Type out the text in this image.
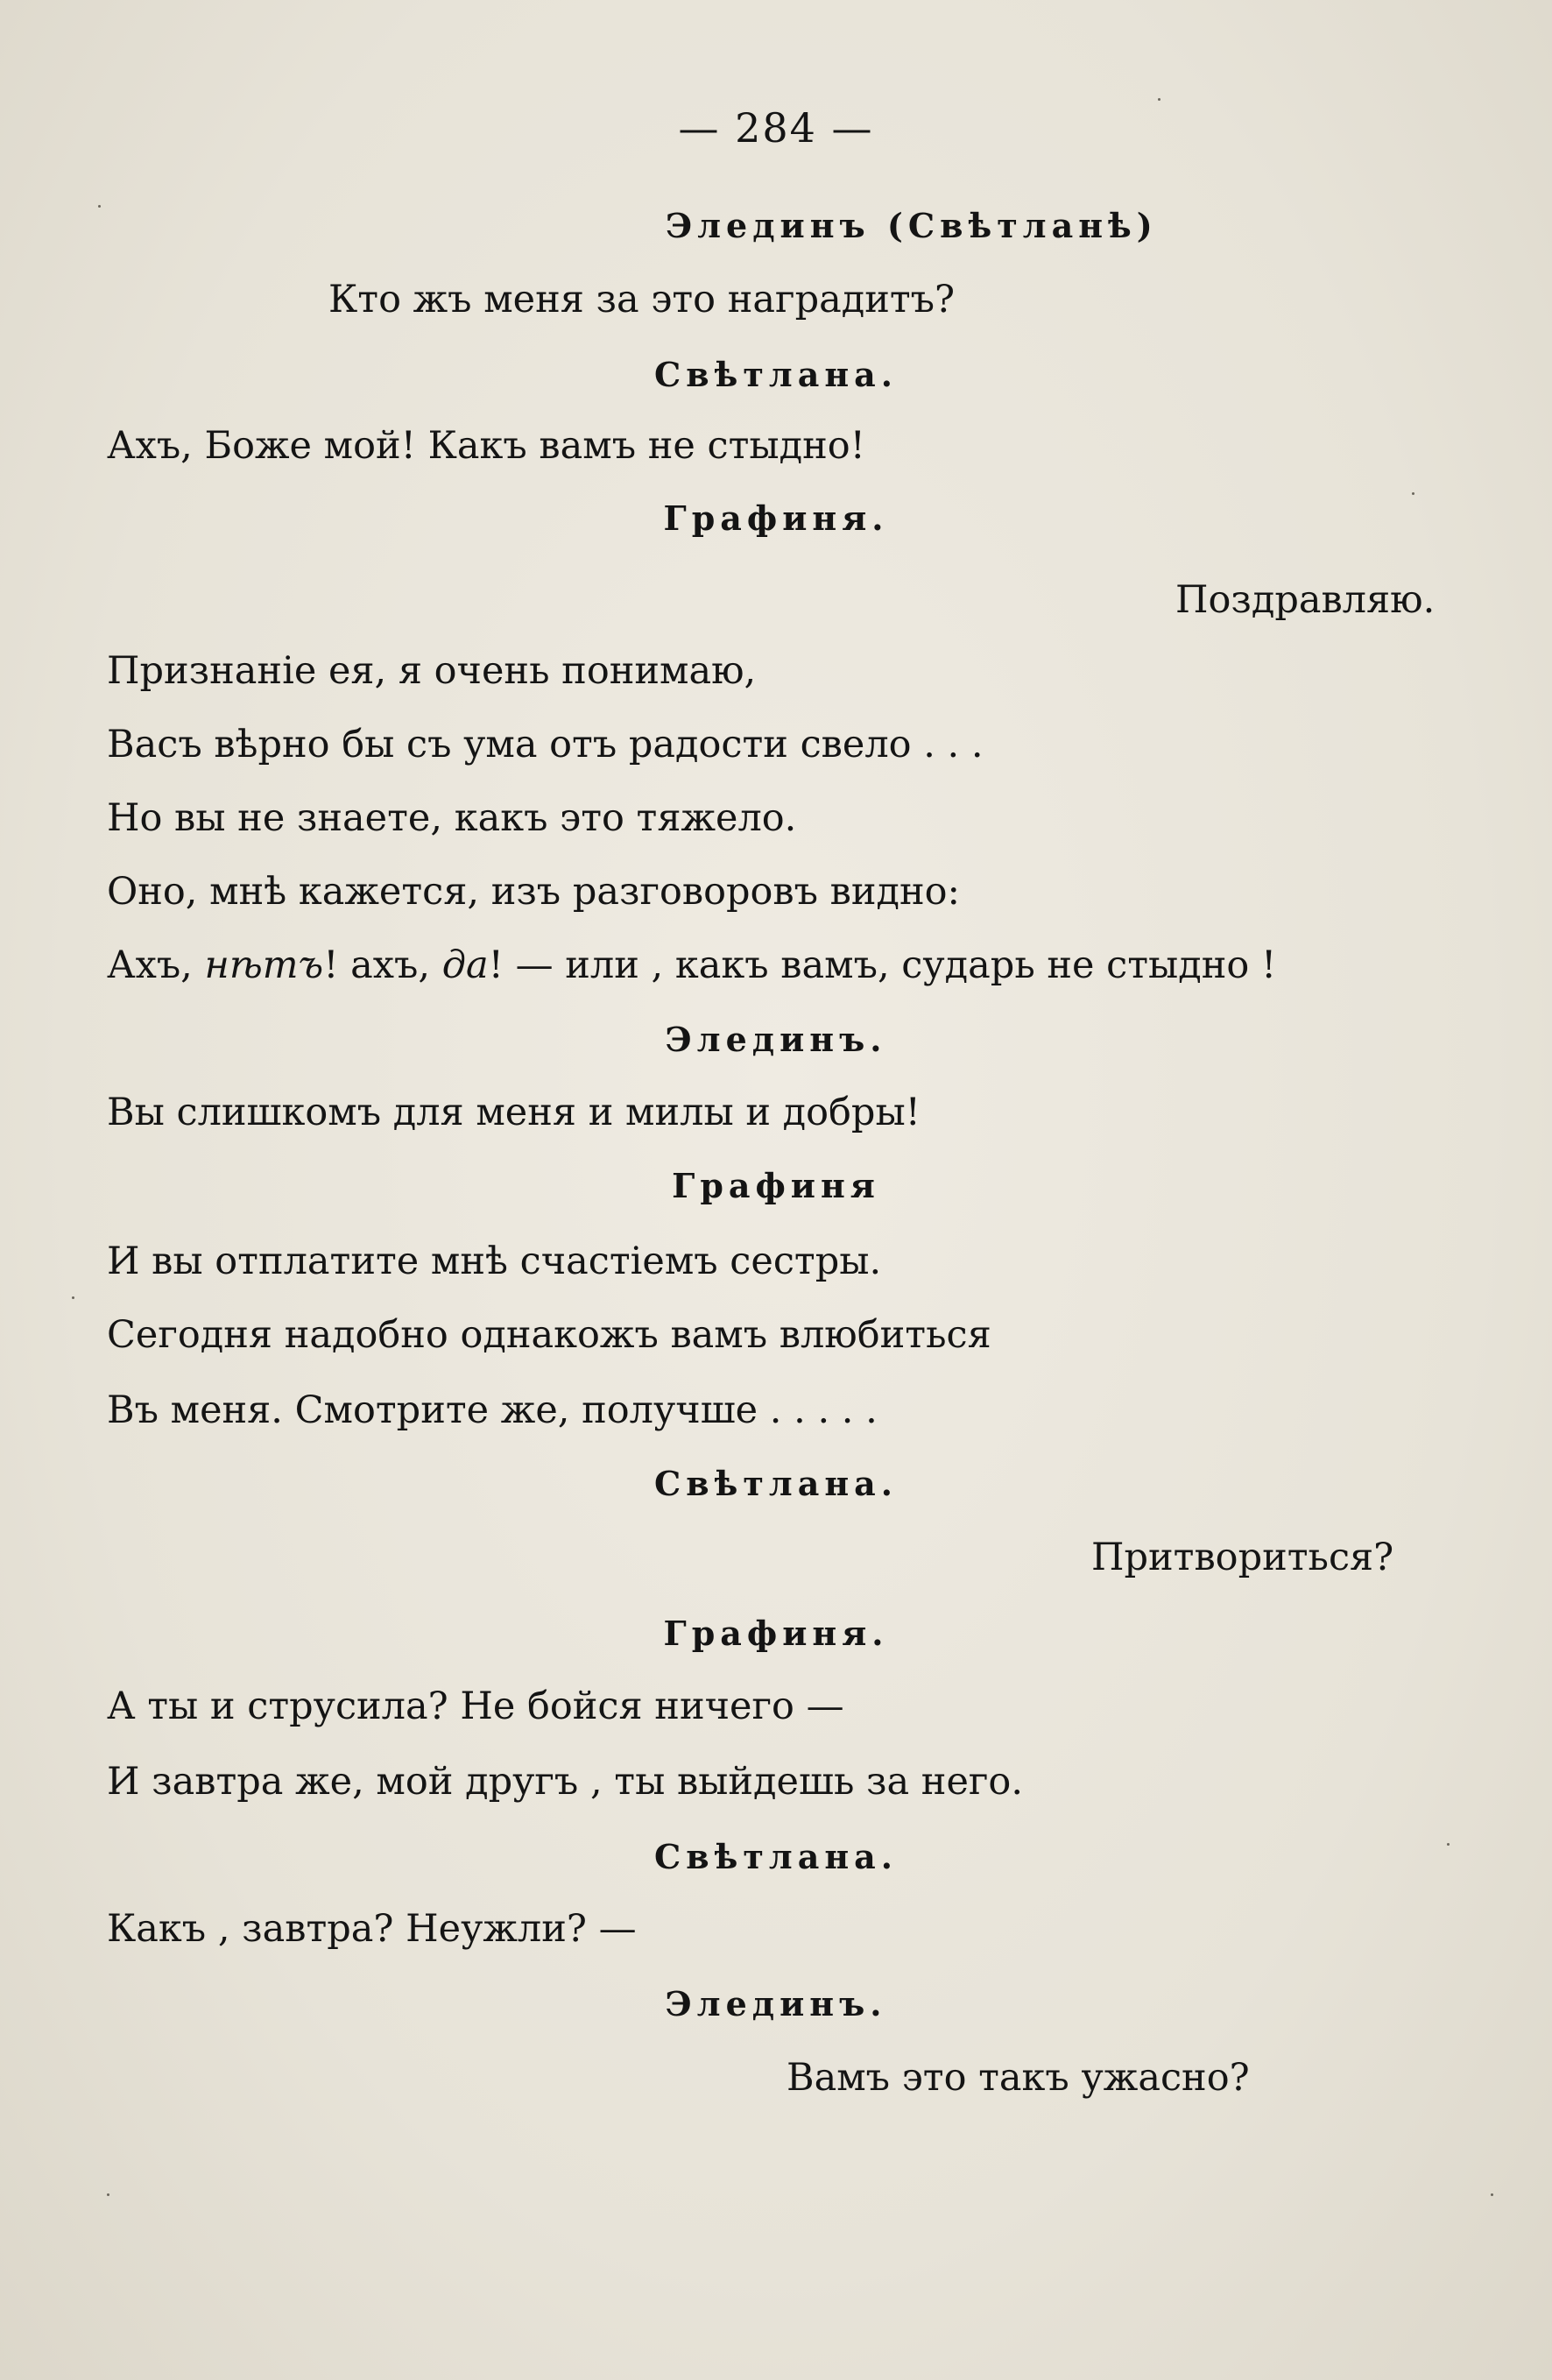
— 284 —
Элединъ (Свѣтланѣ)
Кто жъ меня за это наградитъ?
Свѣтлана.
Ахъ, Боже мой! Какъ вамъ не стыдно!
Графиня.
Поздравляю.
Признаніе ея, я очень понимаю,
Васъ вѣрно бы съ ума отъ радости свело . . .
Но вы не знаете, какъ это тяжело.
Оно, мнѣ кажется, изъ разговоровъ видно:
Ахъ, нѣтъ! ахъ, да! — или , какъ вамъ, сударь не стыдно !
Элединъ.
Вы слишкомъ для меня и милы и добры!
Графиня
И вы отплатите мнѣ счастіемъ сестры.
Сегодня надобно однакожъ вамъ влюбиться
Въ меня. Смотрите же, получше . . . . .
Свѣтлана.
Притвориться?
Графиня.
А ты и струсила? Не бойся ничего —
И завтра же, мой другъ , ты выйдешь за него.
Свѣтлана.
Какъ , завтра? Неужли? —
Элединъ.
Вамъ это такъ ужасно?
